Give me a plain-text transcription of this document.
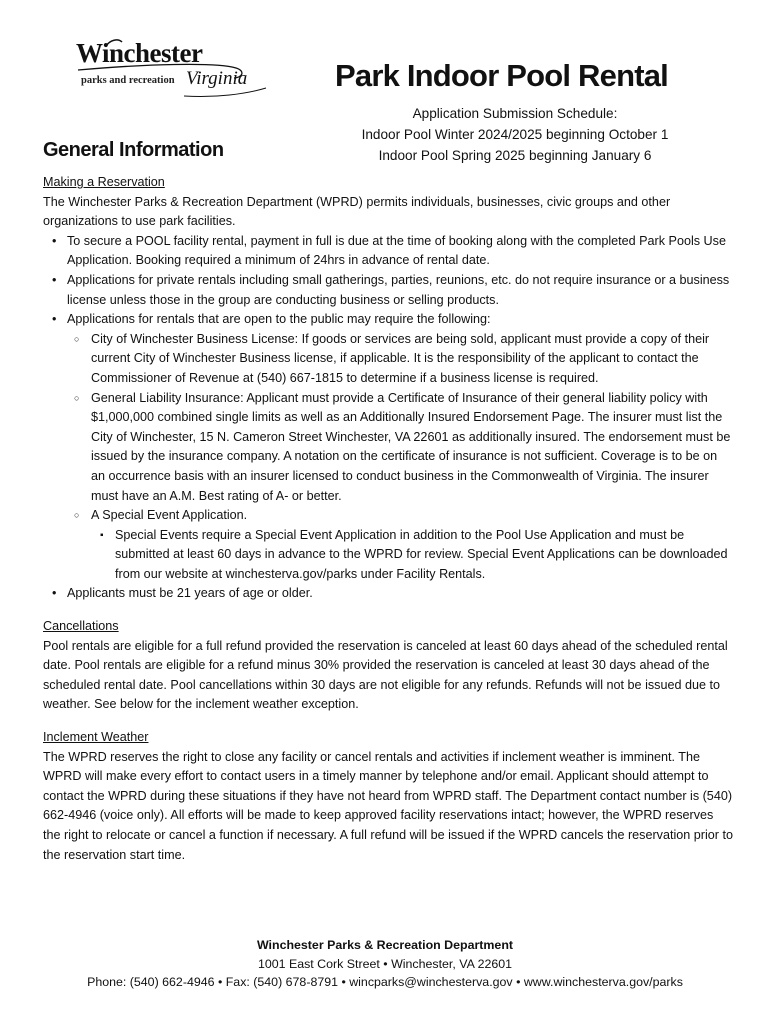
Winchester
parks and recreation Virginia	Park Indoor Pool Rental
Application Submission Schedule:
Indoor Pool Winter 2024/2025 beginning October 1
Indoor Pool Spring 2025 beginning January 6
General Information

Making a Reservation

The Winchester Parks & Recreation Department (WPRD) permits individuals, businesses, civic groups and other organizations to use park facilities.

• To secure a POOL facility rental, payment in full is due at the time of booking along with the completed Park Pools Use Application. Booking required a minimum of 24hrs in advance of rental date.
• Applications for private rentals including small gatherings, parties, reunions, etc. do not require insurance or a business license unless those in the group are conducting business or selling products.
• Applications for rentals that are open to the public may require the following:
○ City of Winchester Business License: If goods or services are being sold, applicant must provide a copy of their current City of Winchester Business license, if applicable. It is the responsibility of the applicant to contact the Commissioner of Revenue at (540) 667-1815 to determine if a business license is required.
○ General Liability Insurance: Applicant must provide a Certificate of Insurance of their general liability policy with $1,000,000 combined single limits as well as an Additionally Insured Endorsement Page. The insurer must list the City of Winchester, 15 N. Cameron Street Winchester, VA 22601 as additionally insured. The endorsement must be issued by the insurance company. A notation on the certificate of insurance is not sufficient. Coverage is to be on an occurrence basis with an insurer licensed to conduct business in the Commonwealth of Virginia. The insurer must have an A.M. Best rating of A- or better.
○ A Special Event Application.
▪ Special Events require a Special Event Application in addition to the Pool Use Application and must be submitted at least 60 days in advance to the WPRD for review. Special Event Applications can be downloaded from our website at winchesterva.gov/parks under Facility Rentals.
• Applicants must be 21 years of age or older.

Cancellations

Pool rentals are eligible for a full refund provided the reservation is canceled at least 60 days ahead of the scheduled rental date. Pool rentals are eligible for a refund minus 30% provided the reservation is canceled at least 30 days ahead of the scheduled rental date. Pool cancellations within 30 days are not eligible for any refunds. Refunds will not be issued due to weather. See below for the inclement weather exception.

Inclement Weather

The WPRD reserves the right to close any facility or cancel rentals and activities if inclement weather is imminent. The WPRD will make every effort to contact users in a timely manner by telephone and/or email. Applicant should attempt to contact the WPRD during these situations if they have not heard from WPRD staff. The Department contact number is (540) 662-4946 (voice only). All efforts will be made to keep approved facility reservations intact; however, the WPRD reserves the right to relocate or cancel a function if necessary. A full refund will be issued if the WPRD cancels the reservation prior to the reservation start time.

Winchester Parks & Recreation Department
1001 East Cork Street • Winchester, VA 22601
Phone: (540) 662-4946 • Fax: (540) 678-8791 • wincparks@winchesterva.gov • www.winchesterva.gov/parks
